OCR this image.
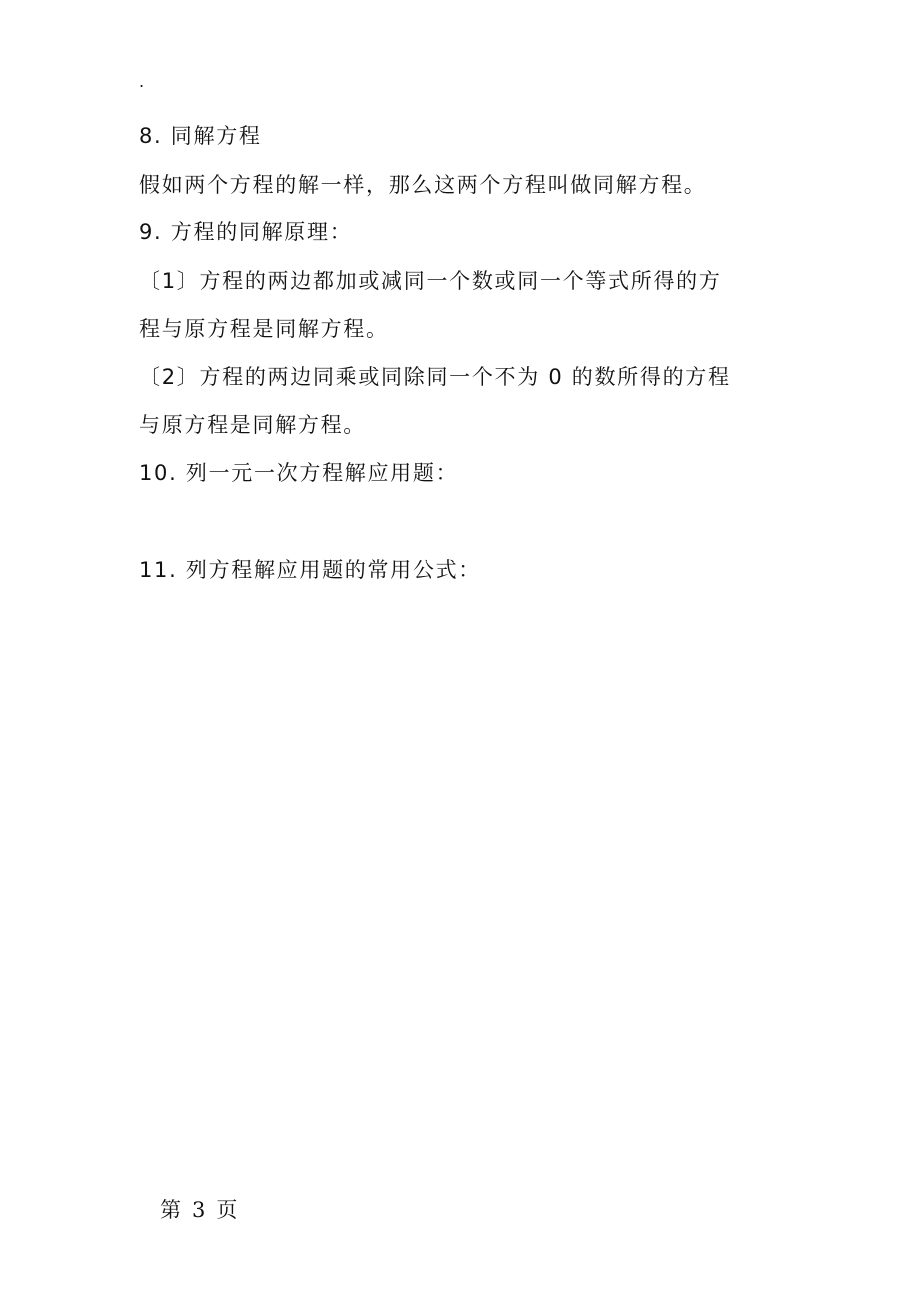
.
8. 同解方程
假如两个方程的解一样，那么这两个方程叫做同解方程。
9. 方程的同解原理：
〔1〕方程的两边都加或减同一个数或同一个等式所得的方
程与原方程是同解方程。
〔2〕方程的两边同乘或同除同一个不为 0 的数所得的方程
与原方程是同解方程。
10. 列一元一次方程解应用题：
11. 列方程解应用题的常用公式：
第 3 页
